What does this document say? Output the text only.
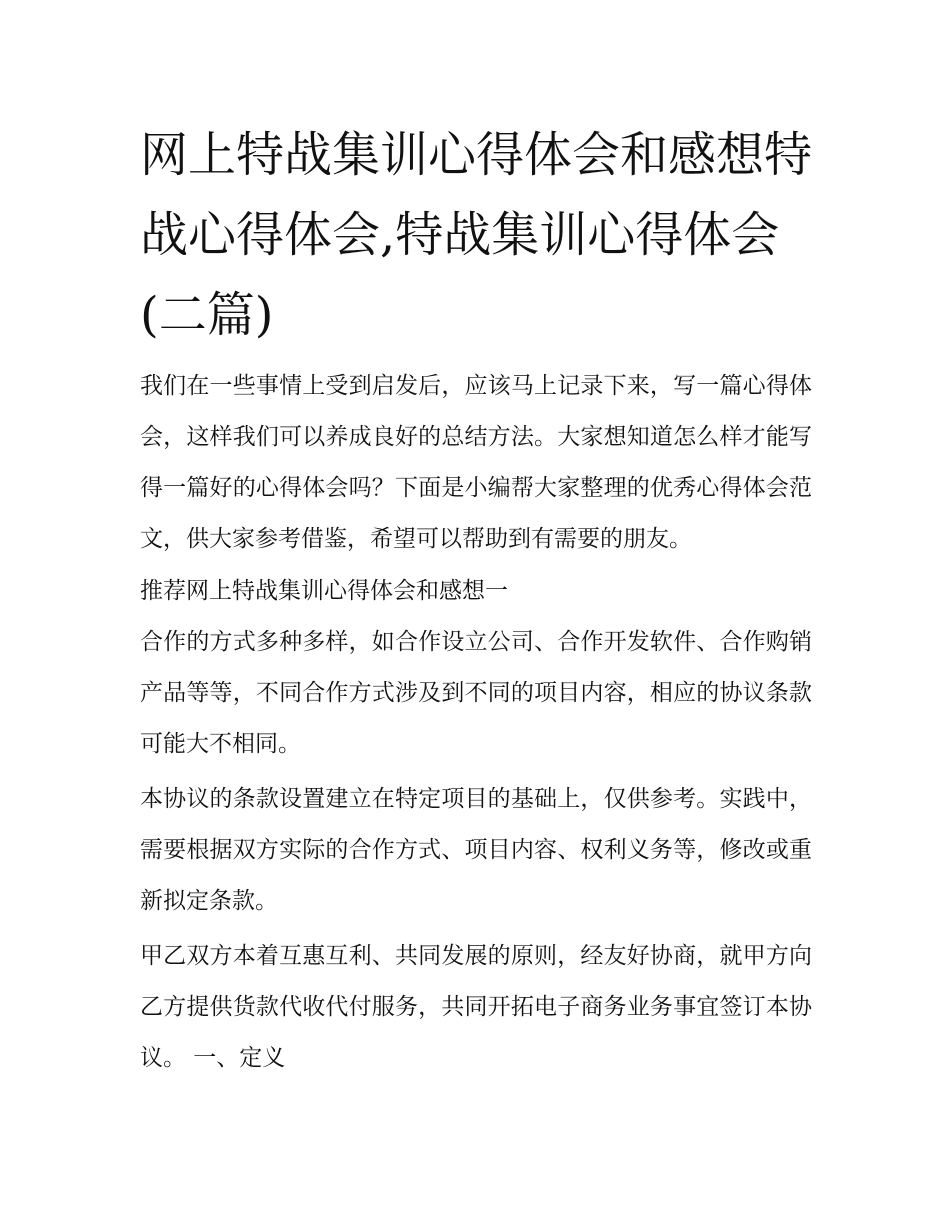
网上特战集训心得体会和感想特战心得体会,特战集训心得体会(二篇)

我们在一些事情上受到启发后，应该马上记录下来，写一篇心得体会，这样我们可以养成良好的总结方法。大家想知道怎么样才能写得一篇好的心得体会吗？下面是小编帮大家整理的优秀心得体会范文，供大家参考借鉴，希望可以帮助到有需要的朋友。

推荐网上特战集训心得体会和感想一

合作的方式多种多样，如合作设立公司、合作开发软件、合作购销产品等等，不同合作方式涉及到不同的项目内容，相应的协议条款可能大不相同。

本协议的条款设置建立在特定项目的基础上，仅供参考。实践中，需要根据双方实际的合作方式、项目内容、权利义务等，修改或重新拟定条款。

甲乙双方本着互惠互利、共同发展的原则，经友好协商，就甲方向乙方提供货款代收代付服务，共同开拓电子商务业务事宜签订本协议。 一、定义
